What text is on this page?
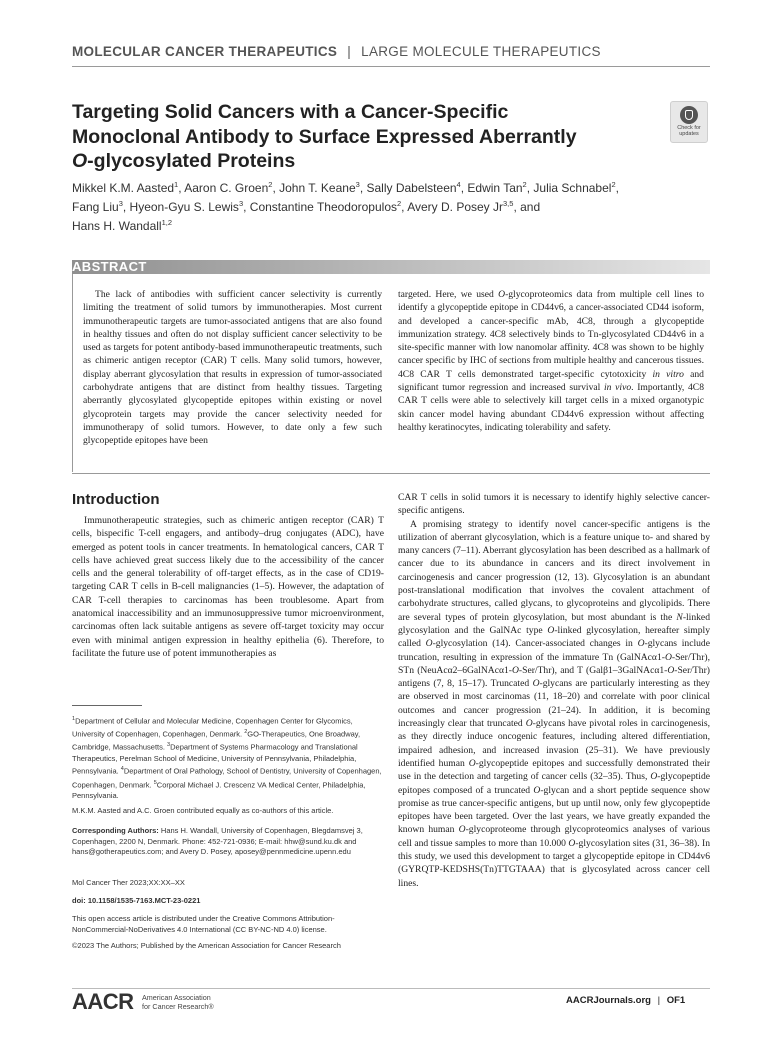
MOLECULAR CANCER THERAPEUTICS | LARGE MOLECULE THERAPEUTICS
Targeting Solid Cancers with a Cancer-Specific
Monoclonal Antibody to Surface Expressed Aberrantly
O-glycosylated Proteins
Check for updates
Mikkel K.M. Aasted$^1$, Aaron C. Groen$^2$, John T. Keane$^3$, Sally Dabelsteen$^4$, Edwin Tan$^2$, Julia Schnabel$^2$,
Fang Liu$^3$, Hyeon-Gyu S. Lewis$^3$, Constantine Theodoropulos$^2$, Avery D. Posey Jr$^{3,5}$, and
Hans H. Wandall$^{1,2}$
ABSTRACT
The lack of antibodies with sufficient cancer selectivity is currently limiting the treatment of solid tumors by immunotherapies. Most current immunotherapeutic targets are tumor-associated antigens that are also found in healthy tissues and often do not display sufficient cancer selectivity to be used as targets for potent antibody-based immunotherapeutic treatments, such as chimeric antigen receptor (CAR) T cells. Many solid tumors, however, display aberrant glycosylation that results in expression of tumor-associated carbohydrate antigens that are distinct from healthy tissues. Targeting aberrantly glycosylated glycopeptide epitopes within existing or novel glycoprotein targets may provide the cancer selectivity needed for immunotherapy of solid tumors. However, to date only a few such glycopeptide epitopes have been
targeted. Here, we used O-glycoproteomics data from multiple cell lines to identify a glycopeptide epitope in CD44v6, a cancer-associated CD44 isoform, and developed a cancer-specific mAb, 4C8, through a glycopeptide immunization strategy. 4C8 selectively binds to Tn-glycosylated CD44v6 in a site-specific manner with low nanomolar affinity. 4C8 was shown to be highly cancer specific by IHC of sections from multiple healthy and cancerous tissues. 4C8 CAR T cells demonstrated target-specific cytotoxicity in vitro and significant tumor regression and increased survival in vivo. Importantly, 4C8 CAR T cells were able to selectively kill target cells in a mixed organotypic skin cancer model having abundant CD44v6 expression without affecting healthy keratinocytes, indicating tolerability and safety.
Introduction
Immunotherapeutic strategies, such as chimeric antigen receptor (CAR) T cells, bispecific T-cell engagers, and antibody–drug conjugates (ADC), have emerged as potent tools in cancer treatments. In hematological cancers, CAR T cells have achieved great success likely due to the accessibility of the cancer cells and the general tolerability of off-target effects, as in the case of CD19-targeting CAR T cells in B-cell malignancies (1–5). However, the adaptation of CAR T-cell therapies to carcinomas has been troublesome. Apart from anatomical inaccessibility and an immunosuppressive tumor microenvironment, carcinomas often lack suitable antigens as severe off-target toxicity may occur even with minimal antigen expression in healthy epithelia (6). Therefore, to facilitate the future use of potent immunotherapies as

CAR T cells in solid tumors it is necessary to identify highly selective cancer-specific antigens.

A promising strategy to identify novel cancer-specific antigens is the utilization of aberrant glycosylation, which is a feature unique to- and shared by many cancers (7–11). Aberrant glycosylation has been described as a hallmark of cancer due to its abundance in cancers and its direct involvement in carcinogenesis and cancer progression (12, 13). Glycosylation is an abundant post-translational modification that involves the covalent attachment of carbohydrate structures, called glycans, to glycoproteins and glycolipids. There are several types of protein glycosylation, but most abundant is the N-linked glycosylation and the GalNAc type O-linked glycosylation, hereafter simply called O-glycosylation (14). Cancer-associated changes in O-glycans include truncation, resulting in expression of the immature Tn (GalNAcα1-O-Ser/Thr), STn (NeuAcα2–6GalNAcα1-O-Ser/Thr), and T (Galβ1–3GalNAcα1-O-Ser/Thr) antigens (7, 8, 15–17). Truncated O-glycans are particularly interesting as they are observed in most carcinomas (11, 18–20) and correlate with poor clinical outcomes and cancer progression (21–24). In addition, it is becoming increasingly clear that truncated O-glycans have pivotal roles in carcinogenesis, as they directly induce oncogenic features, including altered differentiation, impaired adhesion, and increased invasion (25–31). We have previously identified human O-glycopeptide epitopes and successfully demonstrated their use in the detection and targeting of cancer cells (32–35). Thus, O-glycopeptide epitopes composed of a truncated O-glycan and a short peptide sequence show promise as true cancer-specific antigens, but up until now, only few glycopeptide epitopes have been targeted. Over the last years, we have greatly expanded the known human O-glycoproteome through glycoproteomics analyses of various cell and tissue samples to more than 10.000 O-glycosylation sites (31, 36–38). In this study, we used this development to target a glycopeptide epitope in CD44v6 (GYRQTP-KEDSHS(Tn)TTGTAAA) that is glycosylated across cancer cell lines.

$^1$Department of Cellular and Molecular Medicine, Copenhagen Center for Glycomics, University of Copenhagen, Copenhagen, Denmark. $^2$GO-Therapeutics, One Broadway, Cambridge, Massachusetts. $^3$Department of Systems Pharmacology and Translational Therapeutics, Perelman School of Medicine, University of Pennsylvania, Philadelphia, Pennsylvania. $^4$Department of Oral Pathology, School of Dentistry, University of Copenhagen, Copenhagen, Denmark. $^5$Corporal Michael J. Crescenz VA Medical Center, Philadelphia, Pennsylvania.
M.K.M. Aasted and A.C. Groen contributed equally as co-authors of this article.
Corresponding Authors: Hans H. Wandall, University of Copenhagen, Blegdamsvej 3, Copenhagen, 2200 N, Denmark. Phone: 452-721-0936; E-mail: hhw@sund.ku.dk and hans@gotherapeutics.com; and Avery D. Posey, aposey@pennmedicine.upenn.edu
Mol Cancer Ther 2023;XX:XX–XX
doi: 10.1158/1535-7163.MCT-23-0221
This open access article is distributed under the Creative Commons Attribution-NonCommercial-NoDerivatives 4.0 International (CC BY-NC-ND 4.0) license.
©2023 The Authors; Published by the American Association for Cancer Research
AACR American Association
for Cancer Research®
AACRJournals.org | OF1
